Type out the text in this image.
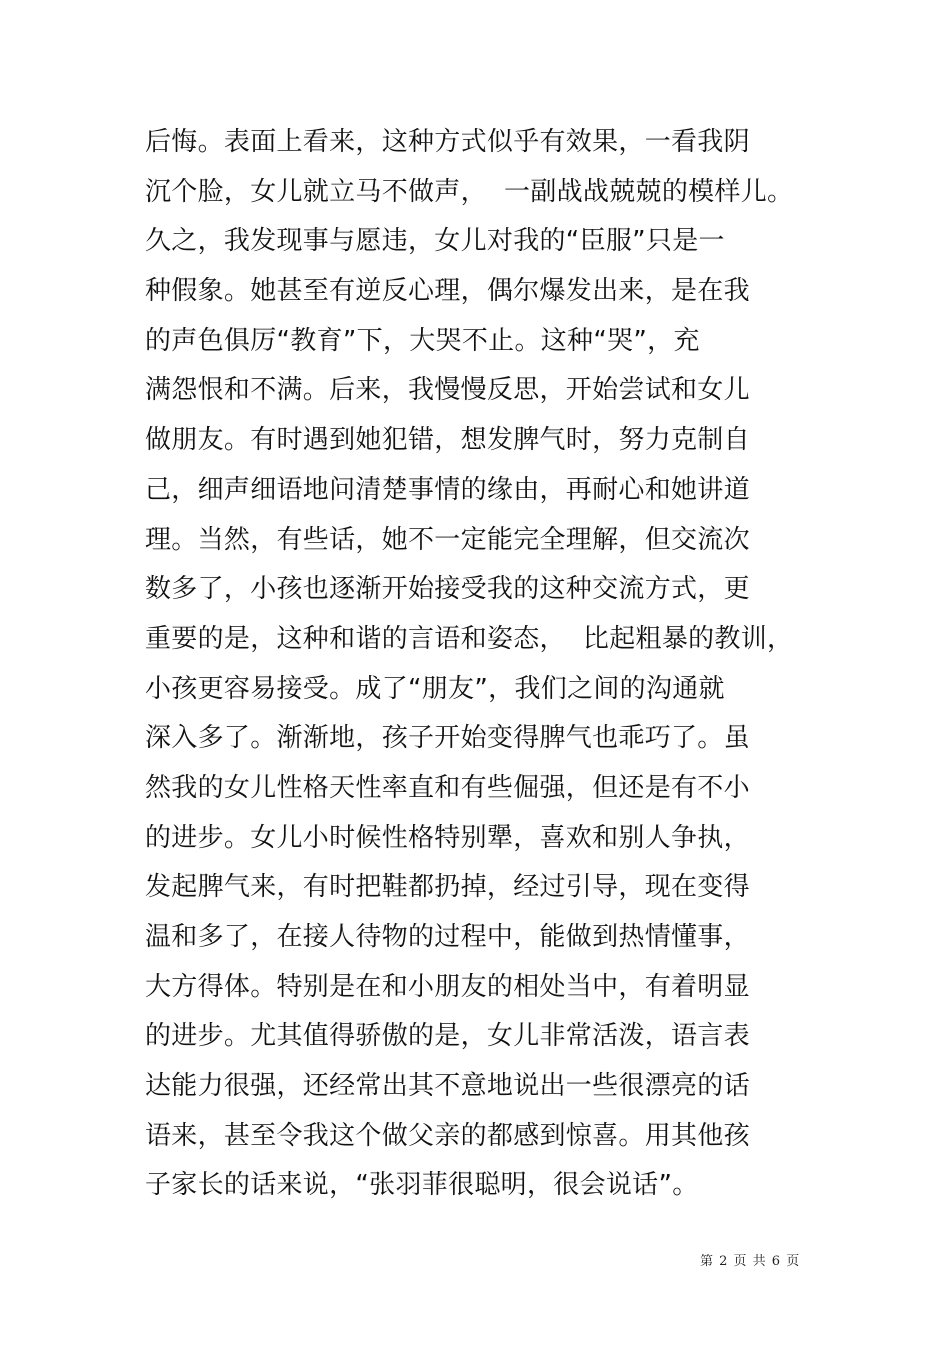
后悔。表面上看来，这种方式似乎有效果，一看我阴
沉个脸，女儿就立马不做声，  一副战战兢兢的模样儿。
久之，我发现事与愿违，女儿对我的“臣服”只是一
种假象。她甚至有逆反心理，偶尔爆发出来，是在我
的声色俱厉“教育”下，大哭不止。这种“哭”，充
满怨恨和不满。后来，我慢慢反思，开始尝试和女儿
做朋友。有时遇到她犯错，想发脾气时，努力克制自
己，细声细语地问清楚事情的缘由，再耐心和她讲道
理。当然，有些话，她不一定能完全理解，但交流次
数多了，小孩也逐渐开始接受我的这种交流方式，更
重要的是，这种和谐的言语和姿态，  比起粗暴的教训，
小孩更容易接受。成了“朋友”，我们之间的沟通就
深入多了。渐渐地，孩子开始变得脾气也乖巧了。虽
然我的女儿性格天性率直和有些倔强，但还是有不小
的进步。女儿小时候性格特别犟，喜欢和别人争执，
发起脾气来，有时把鞋都扔掉，经过引导，现在变得
温和多了，在接人待物的过程中，能做到热情懂事，
大方得体。特别是在和小朋友的相处当中，有着明显
的进步。尤其值得骄傲的是，女儿非常活泼，语言表
达能力很强，还经常出其不意地说出一些很漂亮的话
语来，甚至令我这个做父亲的都感到惊喜。用其他孩
子家长的话来说，“张羽菲很聪明，很会说话”。
第 2 页 共 6 页
